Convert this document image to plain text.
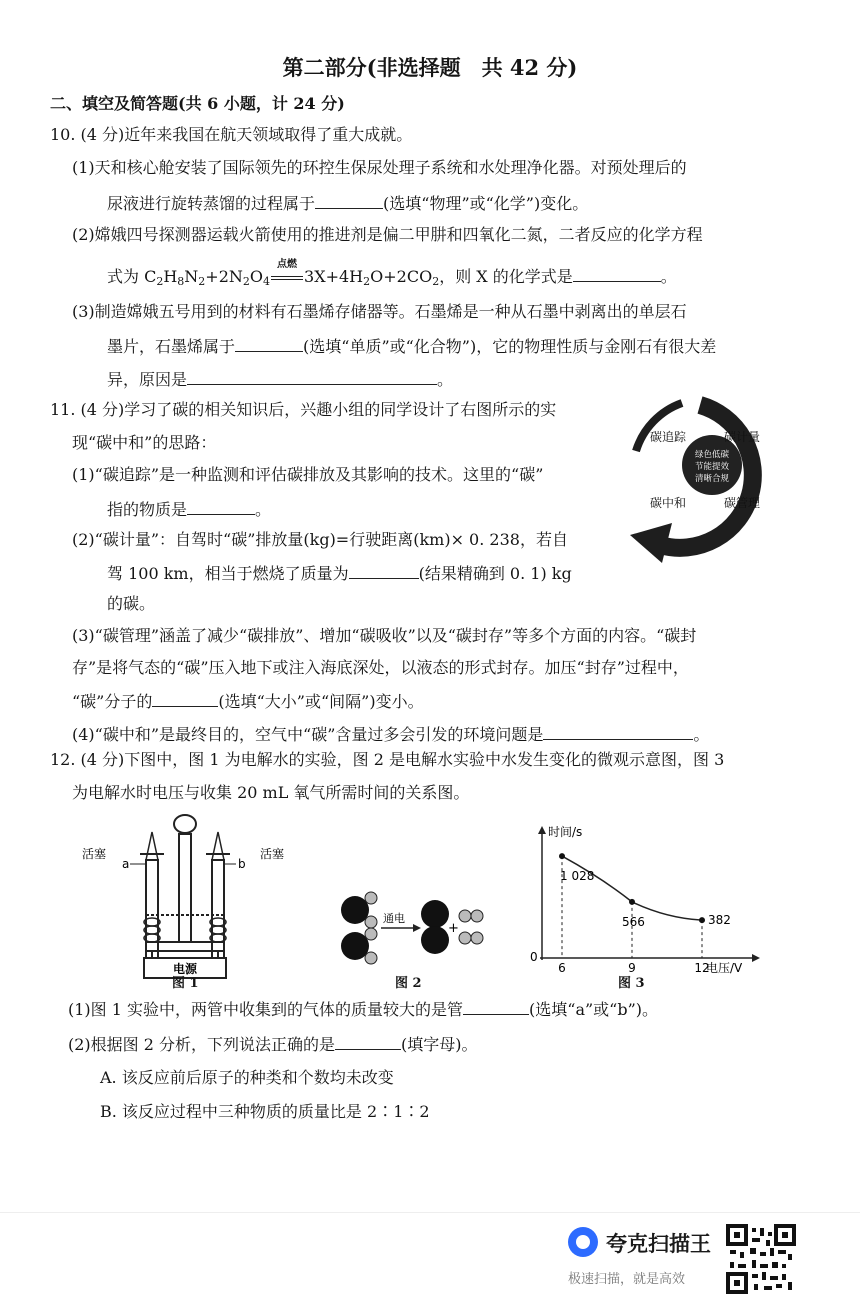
第二部分(非选择题　共 42 分)
二、填空及简答题(共 6 小题，计 24 分)
10. (4 分)近年来我国在航天领域取得了重大成就。
(1)天和核心舱安装了国际领先的环控生保尿处理子系统和水处理净化器。对预处理后的
尿液进行旋转蒸馏的过程属于	(选填“物理”或“化学”)变化。
(2)嫦娥四号探测器运载火箭使用的推进剂是偏二甲肼和四氧化二氮，二者反应的化学方程
式为 $C_2H_8N_2+2N_2O_4$
点燃
$3X+4H_2O+2CO_2$，则 X 的化学式是	。
(3)制造嫦娥五号用到的材料有石墨烯存储器等。石墨烯是一种从石墨中剥离出的单层石
墨片，石墨烯属于	(选填“单质”或“化合物”)，它的物理性质与金刚石有很大差
异，原因是	。
11. (4 分)学习了碳的相关知识后，兴趣小组的同学设计了右图所示的实
现“碳中和”的思路：
(1)“碳追踪”是一种监测和评估碳排放及其影响的技术。这里的“碳”
指的物质是	。
(2)“碳计量”：自驾时“碳”排放量(kg)=行驶距离(km)× 0. 238，若自
驾 100 km，相当于燃烧了质量为	(结果精确到 0. 1) kg
的碳。
(3)“碳管理”涵盖了减少“碳排放”、增加“碳吸收”以及“碳封存”等多个方面的内容。“碳封
存”是将气态的“碳”压入地下或注入海底深处，以液态的形式封存。加压“封存”过程中，
“碳”分子的	(选填“大小”或“间隔”)变小。
(4)“碳中和”是最终目的，空气中“碳”含量过多会引发的环境问题是	。
绿色低碳
节能提效
清晰合规
碳追踪	碳计量
碳中和	碳管理
12. (4 分)下图中，图 1 为电解水的实验，图 2 是电解水实验中水发生变化的微观示意图，图 3
为电解水时电压与收集 20 mL 氧气所需时间的关系图。
电源
活塞	活塞
a	b
图 1
通电
+
图 2
时间/s
电压/V
0
1 028
6
566
9
382
12
图 3
(1)图 1 实验中，两管中收集到的气体的质量较大的是管	(选填“a”或“b”)。
(2)根据图 2 分析，下列说法正确的是	(填字母)。
A. 该反应前后原子的种类和个数均未改变
B. 该反应过程中三种物质的质量比是 2∶1∶2
夸克扫描王
极速扫描，就是高效
